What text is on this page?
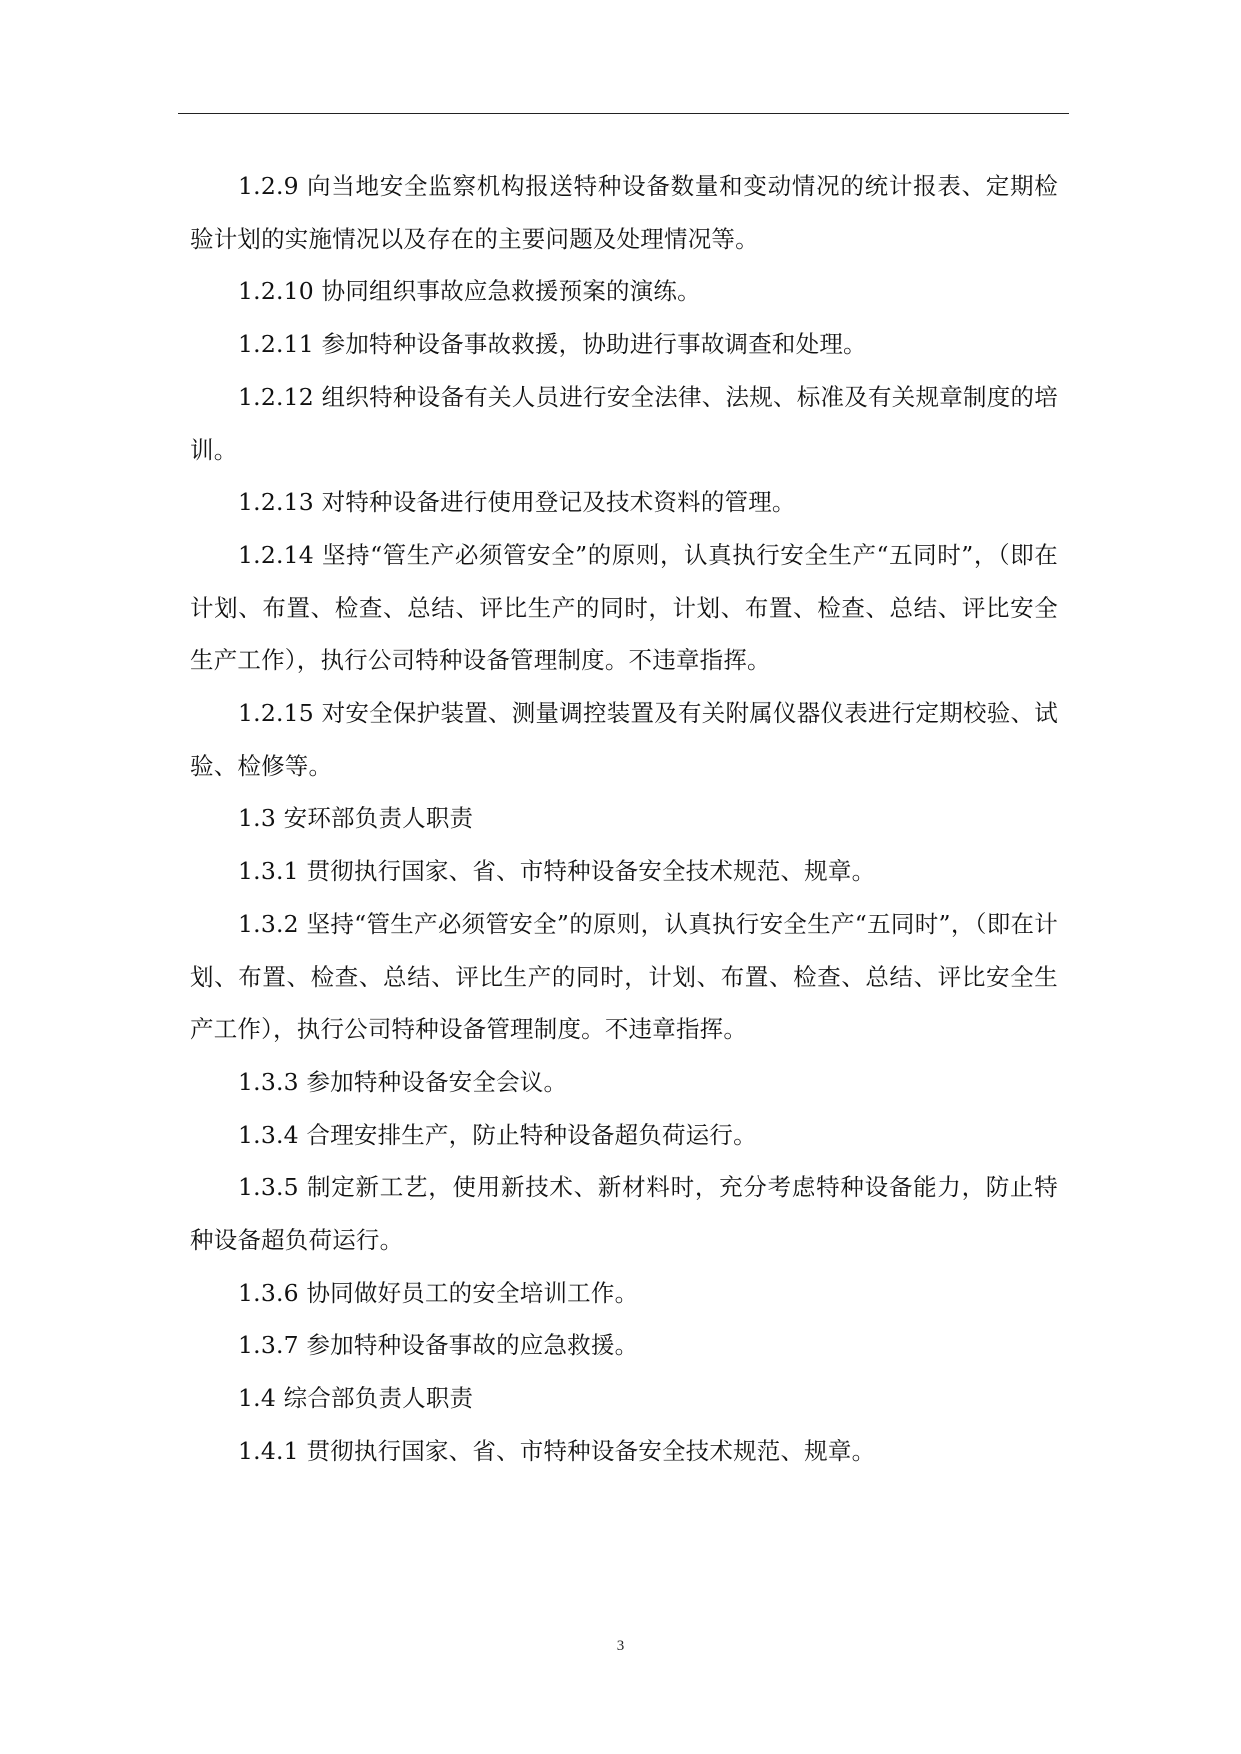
1.2.9 向当地安全监察机构报送特种设备数量和变动情况的统计报表、定期检验计划的实施情况以及存在的主要问题及处理情况等。

1.2.10 协同组织事故应急救援预案的演练。

1.2.11 参加特种设备事故救援，协助进行事故调查和处理。

1.2.12 组织特种设备有关人员进行安全法律、法规、标准及有关规章制度的培训。

1.2.13 对特种设备进行使用登记及技术资料的管理。

1.2.14 坚持“管生产必须管安全”的原则，认真执行安全生产“五同时”，（即在计划、布置、检查、总结、评比生产的同时，计划、布置、检查、总结、评比安全生产工作），执行公司特种设备管理制度。不违章指挥。

1.2.15 对安全保护装置、测量调控装置及有关附属仪器仪表进行定期校验、试验、检修等。

1.3 安环部负责人职责

1.3.1 贯彻执行国家、省、市特种设备安全技术规范、规章。

1.3.2 坚持“管生产必须管安全”的原则，认真执行安全生产“五同时”，（即在计划、布置、检查、总结、评比生产的同时，计划、布置、检查、总结、评比安全生产工作），执行公司特种设备管理制度。不违章指挥。

1.3.3 参加特种设备安全会议。

1.3.4 合理安排生产，防止特种设备超负荷运行。

1.3.5 制定新工艺，使用新技术、新材料时，充分考虑特种设备能力，防止特种设备超负荷运行。

1.3.6 协同做好员工的安全培训工作。

1.3.7 参加特种设备事故的应急救援。

1.4 综合部负责人职责

1.4.1 贯彻执行国家、省、市特种设备安全技术规范、规章。

3
